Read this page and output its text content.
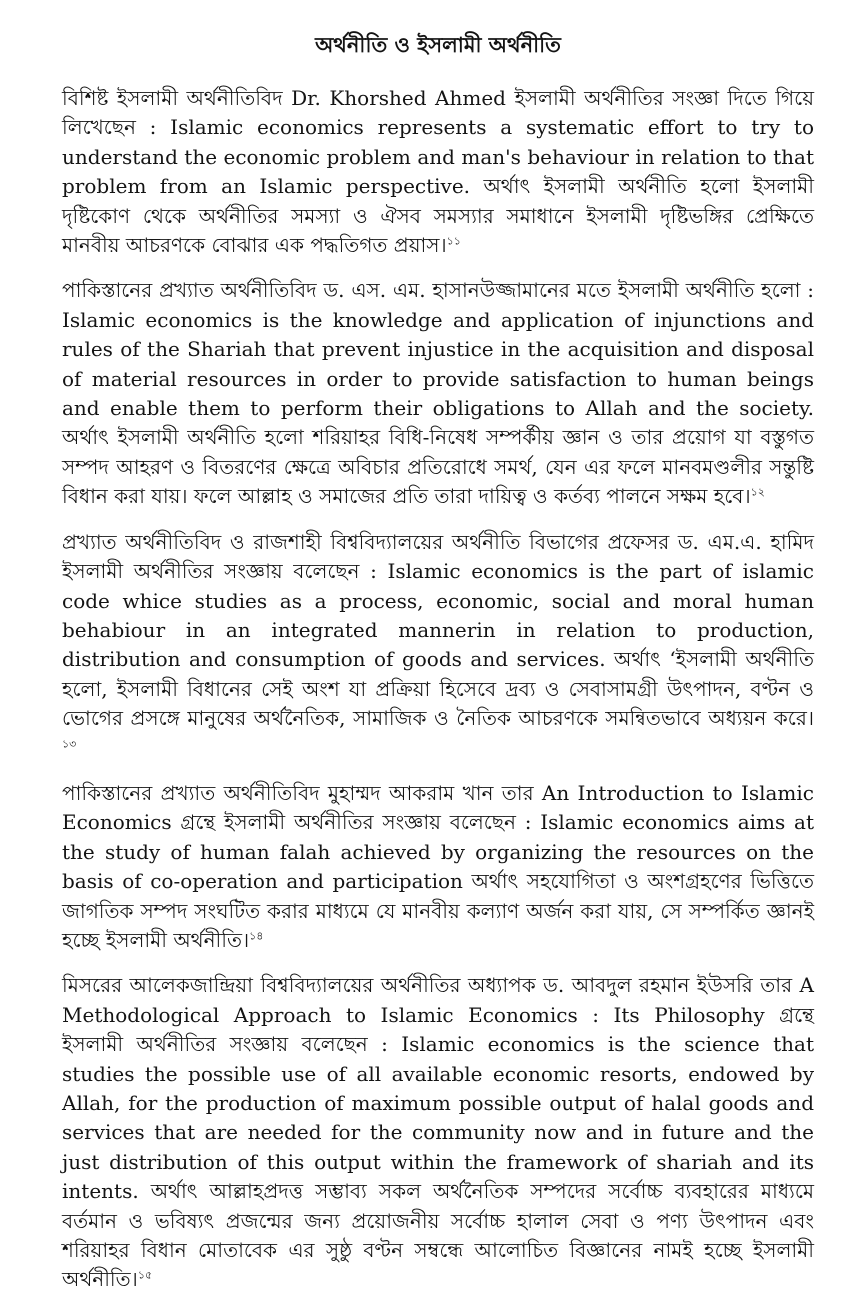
অর্থনীতি ও ইসলামী অর্থনীতি

বিশিষ্ট ইসলামী অর্থনীতিবিদ Dr. Khorshed Ahmed ইসলামী অর্থনীতির সংজ্ঞা দিতে গিয়ে লিখেছেন : Islamic economics represents a systematic effort to try to understand the economic problem and man's behaviour in relation to that problem from an Islamic perspective. অর্থাৎ ইসলামী অর্থনীতি হলো ইসলামী দৃষ্টিকোণ থেকে অর্থনীতির সমস্যা ও ঐসব সমস্যার সমাধানে ইসলামী দৃষ্টিভঙ্গির প্রেক্ষিতে মানবীয় আচরণকে বোঝার এক পদ্ধতিগত প্রয়াস।$^{১১}$

পাকিস্তানের প্রখ্যাত অর্থনীতিবিদ ড. এস. এম. হাসানউজ্জামানের মতে ইসলামী অর্থনীতি হলো : Islamic economics is the knowledge and application of injunctions and rules of the Shariah that prevent injustice in the acquisition and disposal of material resources in order to provide satisfaction to human beings and enable them to perform their obligations to Allah and the society. অর্থাৎ ইসলামী অর্থনীতি হলো শরিয়াহর বিধি-নিষেধ সম্পর্কীয় জ্ঞান ও তার প্রয়োগ যা বস্তুগত সম্পদ আহরণ ও বিতরণের ক্ষেত্রে অবিচার প্রতিরোধে সমর্থ, যেন এর ফলে মানবমণ্ডলীর সন্তুষ্টি বিধান করা যায়। ফলে আল্লাহ ও সমাজের প্রতি তারা দায়িত্ব ও কর্তব্য পালনে সক্ষম হবে।$^{১২}$

প্রখ্যাত অর্থনীতিবিদ ও রাজশাহী বিশ্ববিদ্যালয়ের অর্থনীতি বিভাগের প্রফেসর ড. এম.এ. হামিদ ইসলামী অর্থনীতির সংজ্ঞায় বলেছেন : Islamic economics is the part of islamic code whice studies as a process, economic, social and moral human behabiour in an integrated mannerin in relation to production, distribution and consumption of goods and services. অর্থাৎ ‘ইসলামী অর্থনীতি হলো, ইসলামী বিধানের সেই অংশ যা প্রক্রিয়া হিসেবে দ্রব্য ও সেবাসামগ্রী উৎপাদন, বণ্টন ও ভোগের প্রসঙ্গে মানুষের অর্থনৈতিক, সামাজিক ও নৈতিক আচরণকে সমন্বিতভাবে অধ্যয়ন করে।$^{১৩}$

পাকিস্তানের প্রখ্যাত অর্থনীতিবিদ মুহাম্মদ আকরাম খান তার An Introduction to Islamic Economics গ্রন্থে ইসলামী অর্থনীতির সংজ্ঞায় বলেছেন : Islamic economics aims at the study of human falah achieved by organizing the resources on the basis of co-operation and participation অর্থাৎ সহযোগিতা ও অংশগ্রহণের ভিত্তিতে জাগতিক সম্পদ সংঘটিত করার মাধ্যমে যে মানবীয় কল্যাণ অর্জন করা যায়, সে সম্পর্কিত জ্ঞানই হচ্ছে ইসলামী অর্থনীতি।$^{১৪}$

মিসরের আলেকজান্দ্রিয়া বিশ্ববিদ্যালয়ের অর্থনীতির অধ্যাপক ড. আবদুল রহমান ইউসরি তার A Methodological Approach to Islamic Economics : Its Philosophy গ্রন্থে ইসলামী অর্থনীতির সংজ্ঞায় বলেছেন : Islamic economics is the science that studies the possible use of all available economic resorts, endowed by Allah, for the production of maximum possible output of halal goods and services that are needed for the community now and in future and the just distribution of this output within the framework of shariah and its intents. অর্থাৎ আল্লাহপ্রদত্ত সম্ভাব্য সকল অর্থনৈতিক সম্পদের সর্বোচ্চ ব্যবহারের মাধ্যমে বর্তমান ও ভবিষ্যৎ প্রজন্মের জন্য প্রয়োজনীয় সর্বোচ্চ হালাল সেবা ও পণ্য উৎপাদন এবং শরিয়াহর বিধান মোতাবেক এর সুষ্ঠু বণ্টন সম্বন্ধে আলোচিত বিজ্ঞানের নামই হচ্ছে ইসলামী অর্থনীতি।$^{১৫}$
